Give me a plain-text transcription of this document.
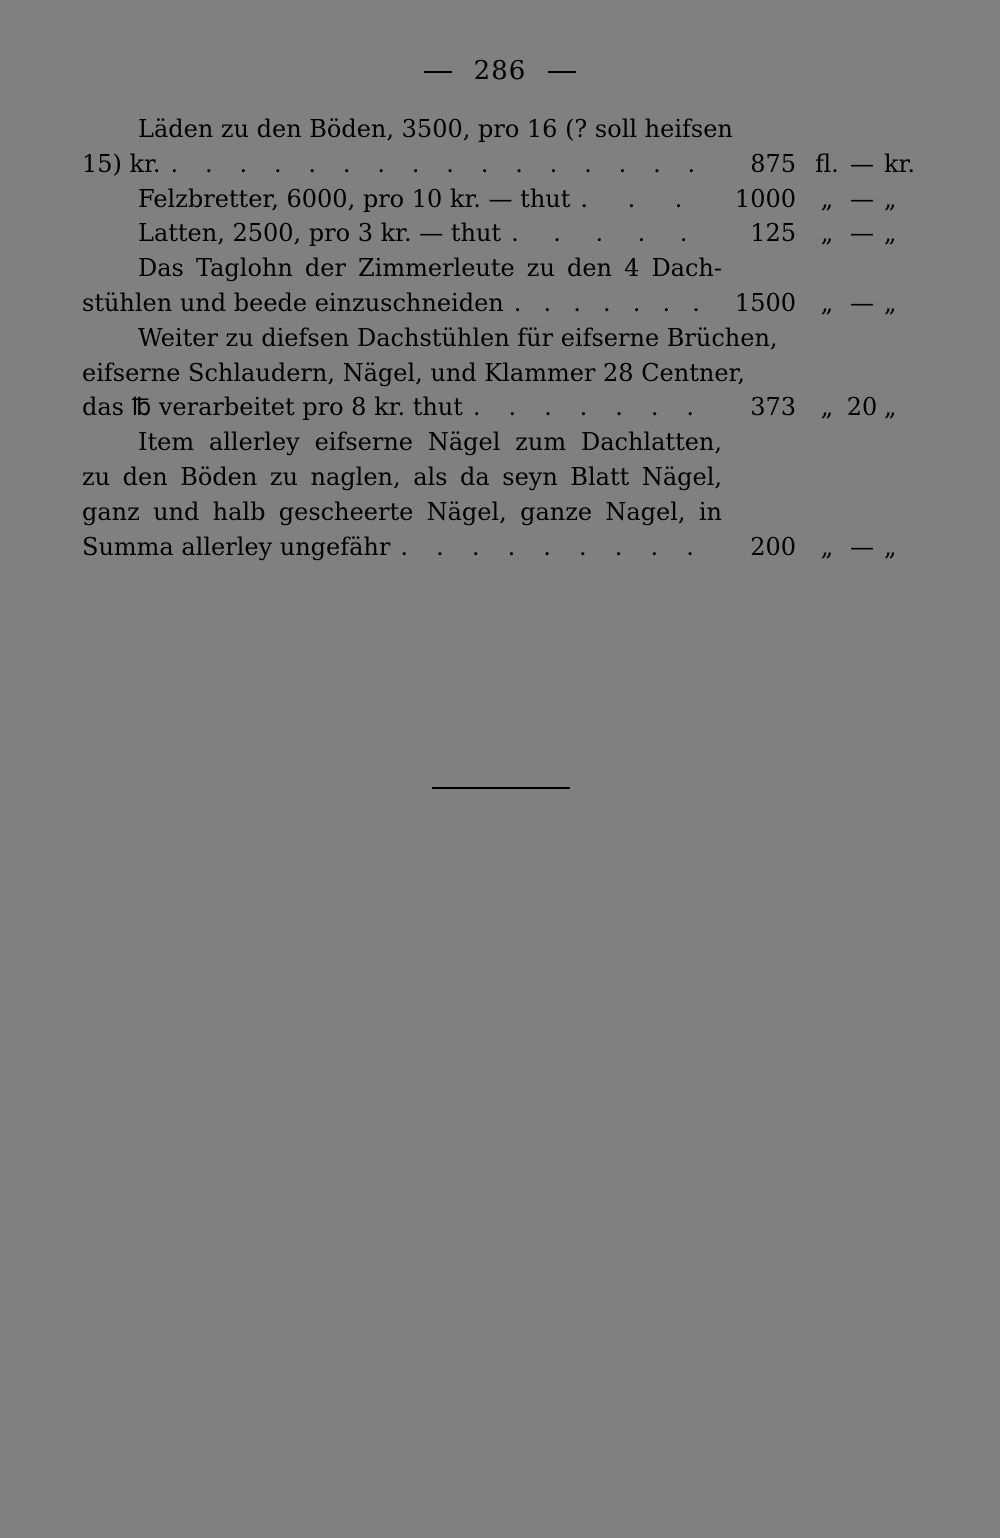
286
Läden zu den Böden, 3500, pro 16 (? soll heifsen
15) kr. ................	875 fl. — kr.
Felzbretter, 6000, pro 10 kr. — thut ... 1000	„ — „
Latten, 2500, pro 3 kr. — thut .....	125	„ — „
Das Taglohn der Zimmerleute zu den 4 Dach-
stühlen und beede einzuschneiden ....... 1500	„ — „
Weiter zu diefsen Dachstühlen für eifserne Brüchen,
eifserne Schlaudern, Nägel, und Klammer 28 Centner,
das ℔ verarbeitet pro 8 kr. thut .......	373	„ 20 „
Item allerley eifserne Nägel zum Dachlatten,
zu den Böden zu naglen, als da seyn Blatt Nägel,
ganz und halb gescheerte Nägel, ganze Nagel, in
Summa allerley ungefähr .........	200	„ — „
